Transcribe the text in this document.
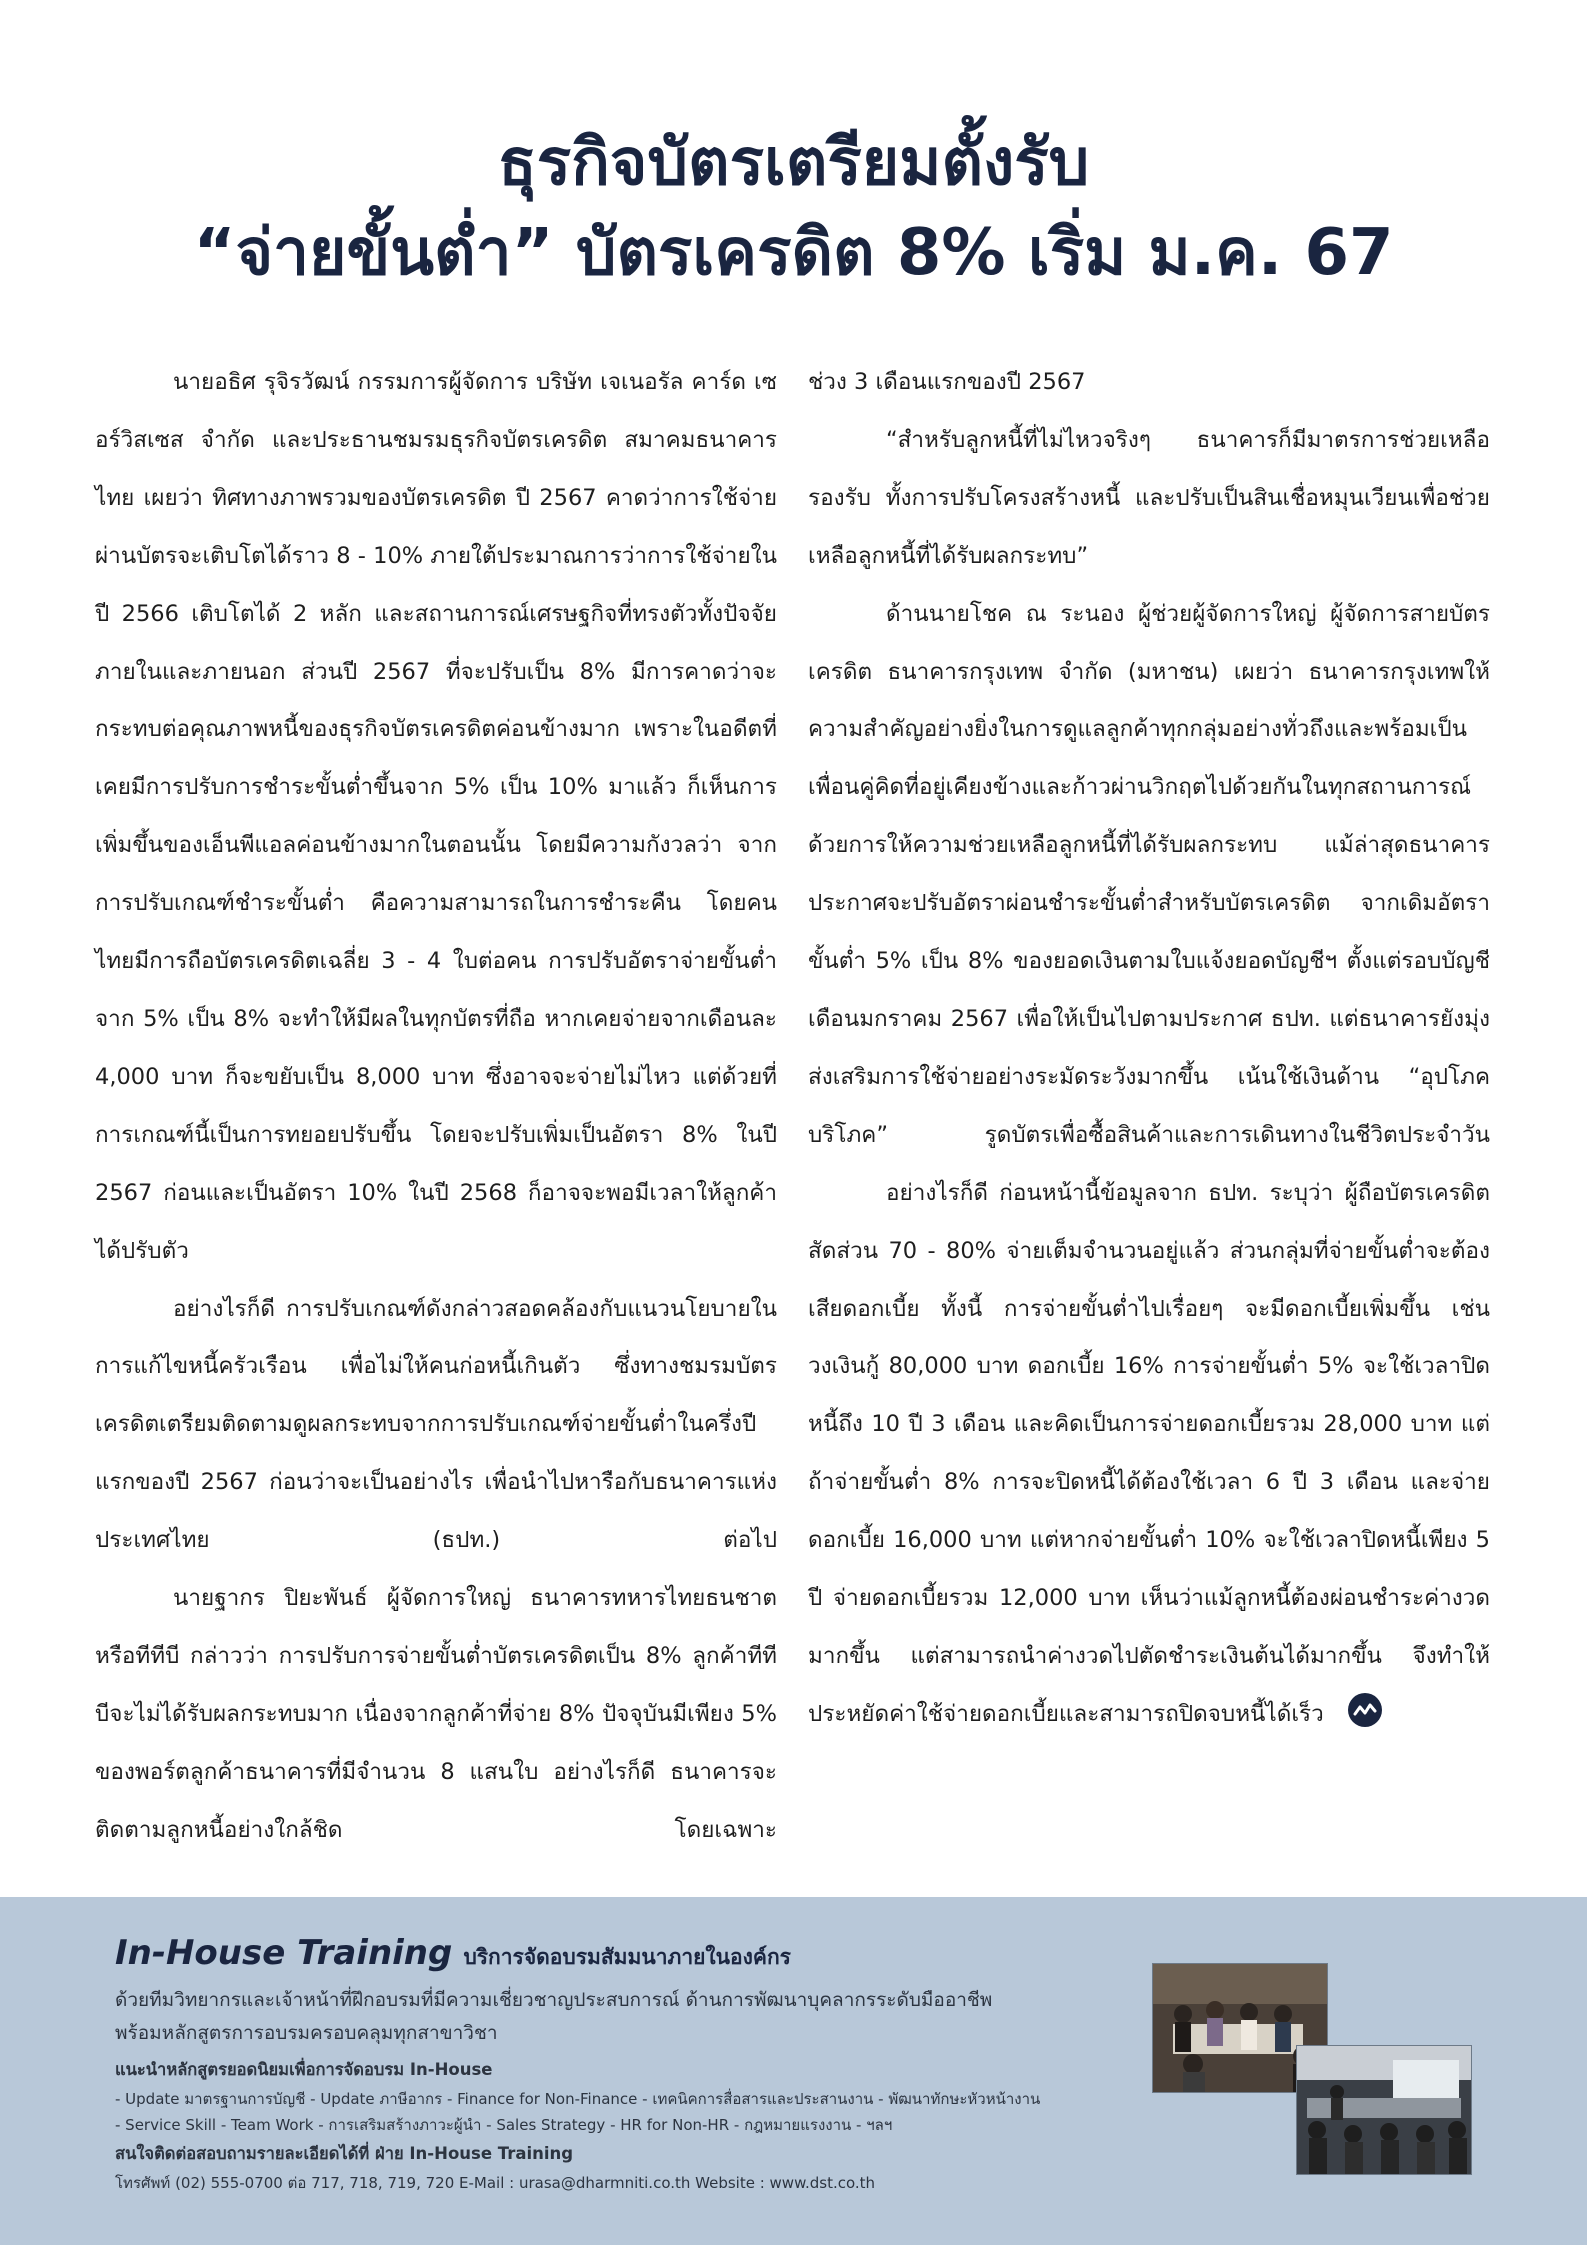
ธุรกิจบัตรเตรียมตั้งรับ
“จ่ายขั้นต่ำ” บัตรเครดิต 8% เริ่ม ม.ค. 67

นายอธิศ รุจิรวัฒน์ กรรมการผู้จัดการ บริษัท เจเนอรัล คาร์ด เซอร์วิสเซส จำกัด และประธานชมรมธุรกิจบัตรเครดิต สมาคมธนาคารไทย เผยว่า ทิศทางภาพรวมของบัตรเครดิต ปี 2567 คาดว่าการใช้จ่ายผ่านบัตรจะเติบโตได้ราว 8 - 10% ภายใต้ประมาณการว่าการใช้จ่ายในปี 2566 เติบโตได้ 2 หลัก และสถานการณ์เศรษฐกิจที่ทรงตัวทั้งปัจจัยภายในและภายนอก ส่วนปี 2567 ที่จะปรับเป็น 8% มีการคาดว่าจะกระทบต่อคุณภาพหนี้ของธุรกิจบัตรเครดิตค่อนข้างมาก เพราะในอดีตที่เคยมีการปรับการชำระขั้นต่ำขึ้นจาก 5% เป็น 10% มาแล้ว ก็เห็นการเพิ่มขึ้นของเอ็นพีแอลค่อนข้างมากในตอนนั้น โดยมีความกังวลว่า จากการปรับเกณฑ์ชำระขั้นต่ำ คือความสามารถในการชำระคืน โดยคนไทยมีการถือบัตรเครดิตเฉลี่ย 3 - 4 ใบต่อคน การปรับอัตราจ่ายขั้นต่ำจาก 5% เป็น 8% จะทำให้มีผลในทุกบัตรที่ถือ หากเคยจ่ายจากเดือนละ 4,000 บาท ก็จะขยับเป็น 8,000 บาท ซึ่งอาจจะจ่ายไม่ไหว แต่ด้วยที่การเกณฑ์นี้เป็นการทยอยปรับขึ้น โดยจะปรับเพิ่มเป็นอัตรา 8% ในปี 2567 ก่อนและเป็นอัตรา 10% ในปี 2568 ก็อาจจะพอมีเวลาให้ลูกค้าได้ปรับตัว

อย่างไรก็ดี การปรับเกณฑ์ดังกล่าวสอดคล้องกับแนวนโยบายในการแก้ไขหนี้ครัวเรือน เพื่อไม่ให้คนก่อหนี้เกินตัว ซึ่งทางชมรมบัตรเครดิตเตรียมติดตามดูผลกระทบจากการปรับเกณฑ์จ่ายขั้นต่ำในครึ่งปีแรกของปี 2567 ก่อนว่าจะเป็นอย่างไร เพื่อนำไปหารือกับธนาคารแห่งประเทศไทย (ธปท.) ต่อไป

นายฐากร ปิยะพันธ์ ผู้จัดการใหญ่ ธนาคารทหารไทยธนชาต หรือทีทีบี กล่าวว่า การปรับการจ่ายขั้นต่ำบัตรเครดิตเป็น 8% ลูกค้าทีทีบีจะไม่ได้รับผลกระทบมาก เนื่องจากลูกค้าที่จ่าย 8% ปัจจุบันมีเพียง 5% ของพอร์ตลูกค้าธนาคารที่มีจำนวน 8 แสนใบ อย่างไรก็ดี ธนาคารจะติดตามลูกหนี้อย่างใกล้ชิด โดยเฉพาะ

ช่วง 3 เดือนแรกของปี 2567

“สำหรับลูกหนี้ที่ไม่ไหวจริงๆ ธนาคารก็มีมาตรการช่วยเหลือรองรับ ทั้งการปรับโครงสร้างหนี้ และปรับเป็นสินเชื่อหมุนเวียนเพื่อช่วยเหลือลูกหนี้ที่ได้รับผลกระทบ”

ด้านนายโชค ณ ระนอง ผู้ช่วยผู้จัดการใหญ่ ผู้จัดการสายบัตรเครดิต ธนาคารกรุงเทพ จำกัด (มหาชน) เผยว่า ธนาคารกรุงเทพให้ความสำคัญอย่างยิ่งในการดูแลลูกค้าทุกกลุ่มอย่างทั่วถึงและพร้อมเป็นเพื่อนคู่คิดที่อยู่เคียงข้างและก้าวผ่านวิกฤตไปด้วยกันในทุกสถานการณ์ ด้วยการให้ความช่วยเหลือลูกหนี้ที่ได้รับผลกระทบ แม้ล่าสุดธนาคารประกาศจะปรับอัตราผ่อนชำระขั้นต่ำสำหรับบัตรเครดิต จากเดิมอัตราขั้นต่ำ 5% เป็น 8% ของยอดเงินตามใบแจ้งยอดบัญชีฯ ตั้งแต่รอบบัญชีเดือนมกราคม 2567 เพื่อให้เป็นไปตามประกาศ ธปท. แต่ธนาคารยังมุ่งส่งเสริมการใช้จ่ายอย่างระมัดระวังมากขึ้น เน้นใช้เงินด้าน “อุปโภคบริโภค” รูดบัตรเพื่อซื้อสินค้าและการเดินทางในชีวิตประจำวัน

อย่างไรก็ดี ก่อนหน้านี้ข้อมูลจาก ธปท. ระบุว่า ผู้ถือบัตรเครดิตสัดส่วน 70 - 80% จ่ายเต็มจำนวนอยู่แล้ว ส่วนกลุ่มที่จ่ายขั้นต่ำจะต้องเสียดอกเบี้ย ทั้งนี้ การจ่ายขั้นต่ำไปเรื่อยๆ จะมีดอกเบี้ยเพิ่มขึ้น เช่น วงเงินกู้ 80,000 บาท ดอกเบี้ย 16% การจ่ายขั้นต่ำ 5% จะใช้เวลาปิดหนี้ถึง 10 ปี 3 เดือน และคิดเป็นการจ่ายดอกเบี้ยรวม 28,000 บาท แต่ถ้าจ่ายขั้นต่ำ 8% การจะปิดหนี้ได้ต้องใช้เวลา 6 ปี 3 เดือน และจ่ายดอกเบี้ย 16,000 บาท แต่หากจ่ายขั้นต่ำ 10% จะใช้เวลาปิดหนี้เพียง 5 ปี จ่ายดอกเบี้ยรวม 12,000 บาท เห็นว่าแม้ลูกหนี้ต้องผ่อนชำระค่างวดมากขึ้น แต่สามารถนำค่างวดไปตัดชำระเงินต้นได้มากขึ้น จึงทำให้ประหยัดค่าใช้จ่ายดอกเบี้ยและสามารถปิดจบหนี้ได้เร็ว

In-House Training บริการจัดอบรมสัมมนาภายในองค์กร
ด้วยทีมวิทยากรและเจ้าหน้าที่ฝึกอบรมที่มีความเชี่ยวชาญประสบการณ์ ด้านการพัฒนาบุคลากรระดับมืออาชีพ
พร้อมหลักสูตรการอบรมครอบคลุมทุกสาขาวิชา
แนะนำหลักสูตรยอดนิยมเพื่อการจัดอบรม In-House
- Update มาตรฐานการบัญชี - Update ภาษีอากร - Finance for Non-Finance - เทคนิคการสื่อสารและประสานงาน - พัฒนาทักษะหัวหน้างาน
- Service Skill - Team Work - การเสริมสร้างภาวะผู้นำ - Sales Strategy - HR for Non-HR - กฎหมายแรงงาน - ฯลฯ
สนใจติดต่อสอบถามรายละเอียดได้ที่ ฝ่าย In-House Training
โทรศัพท์ (02) 555-0700 ต่อ 717, 718, 719, 720 E-Mail : urasa@dharmniti.co.th Website : www.dst.co.th
